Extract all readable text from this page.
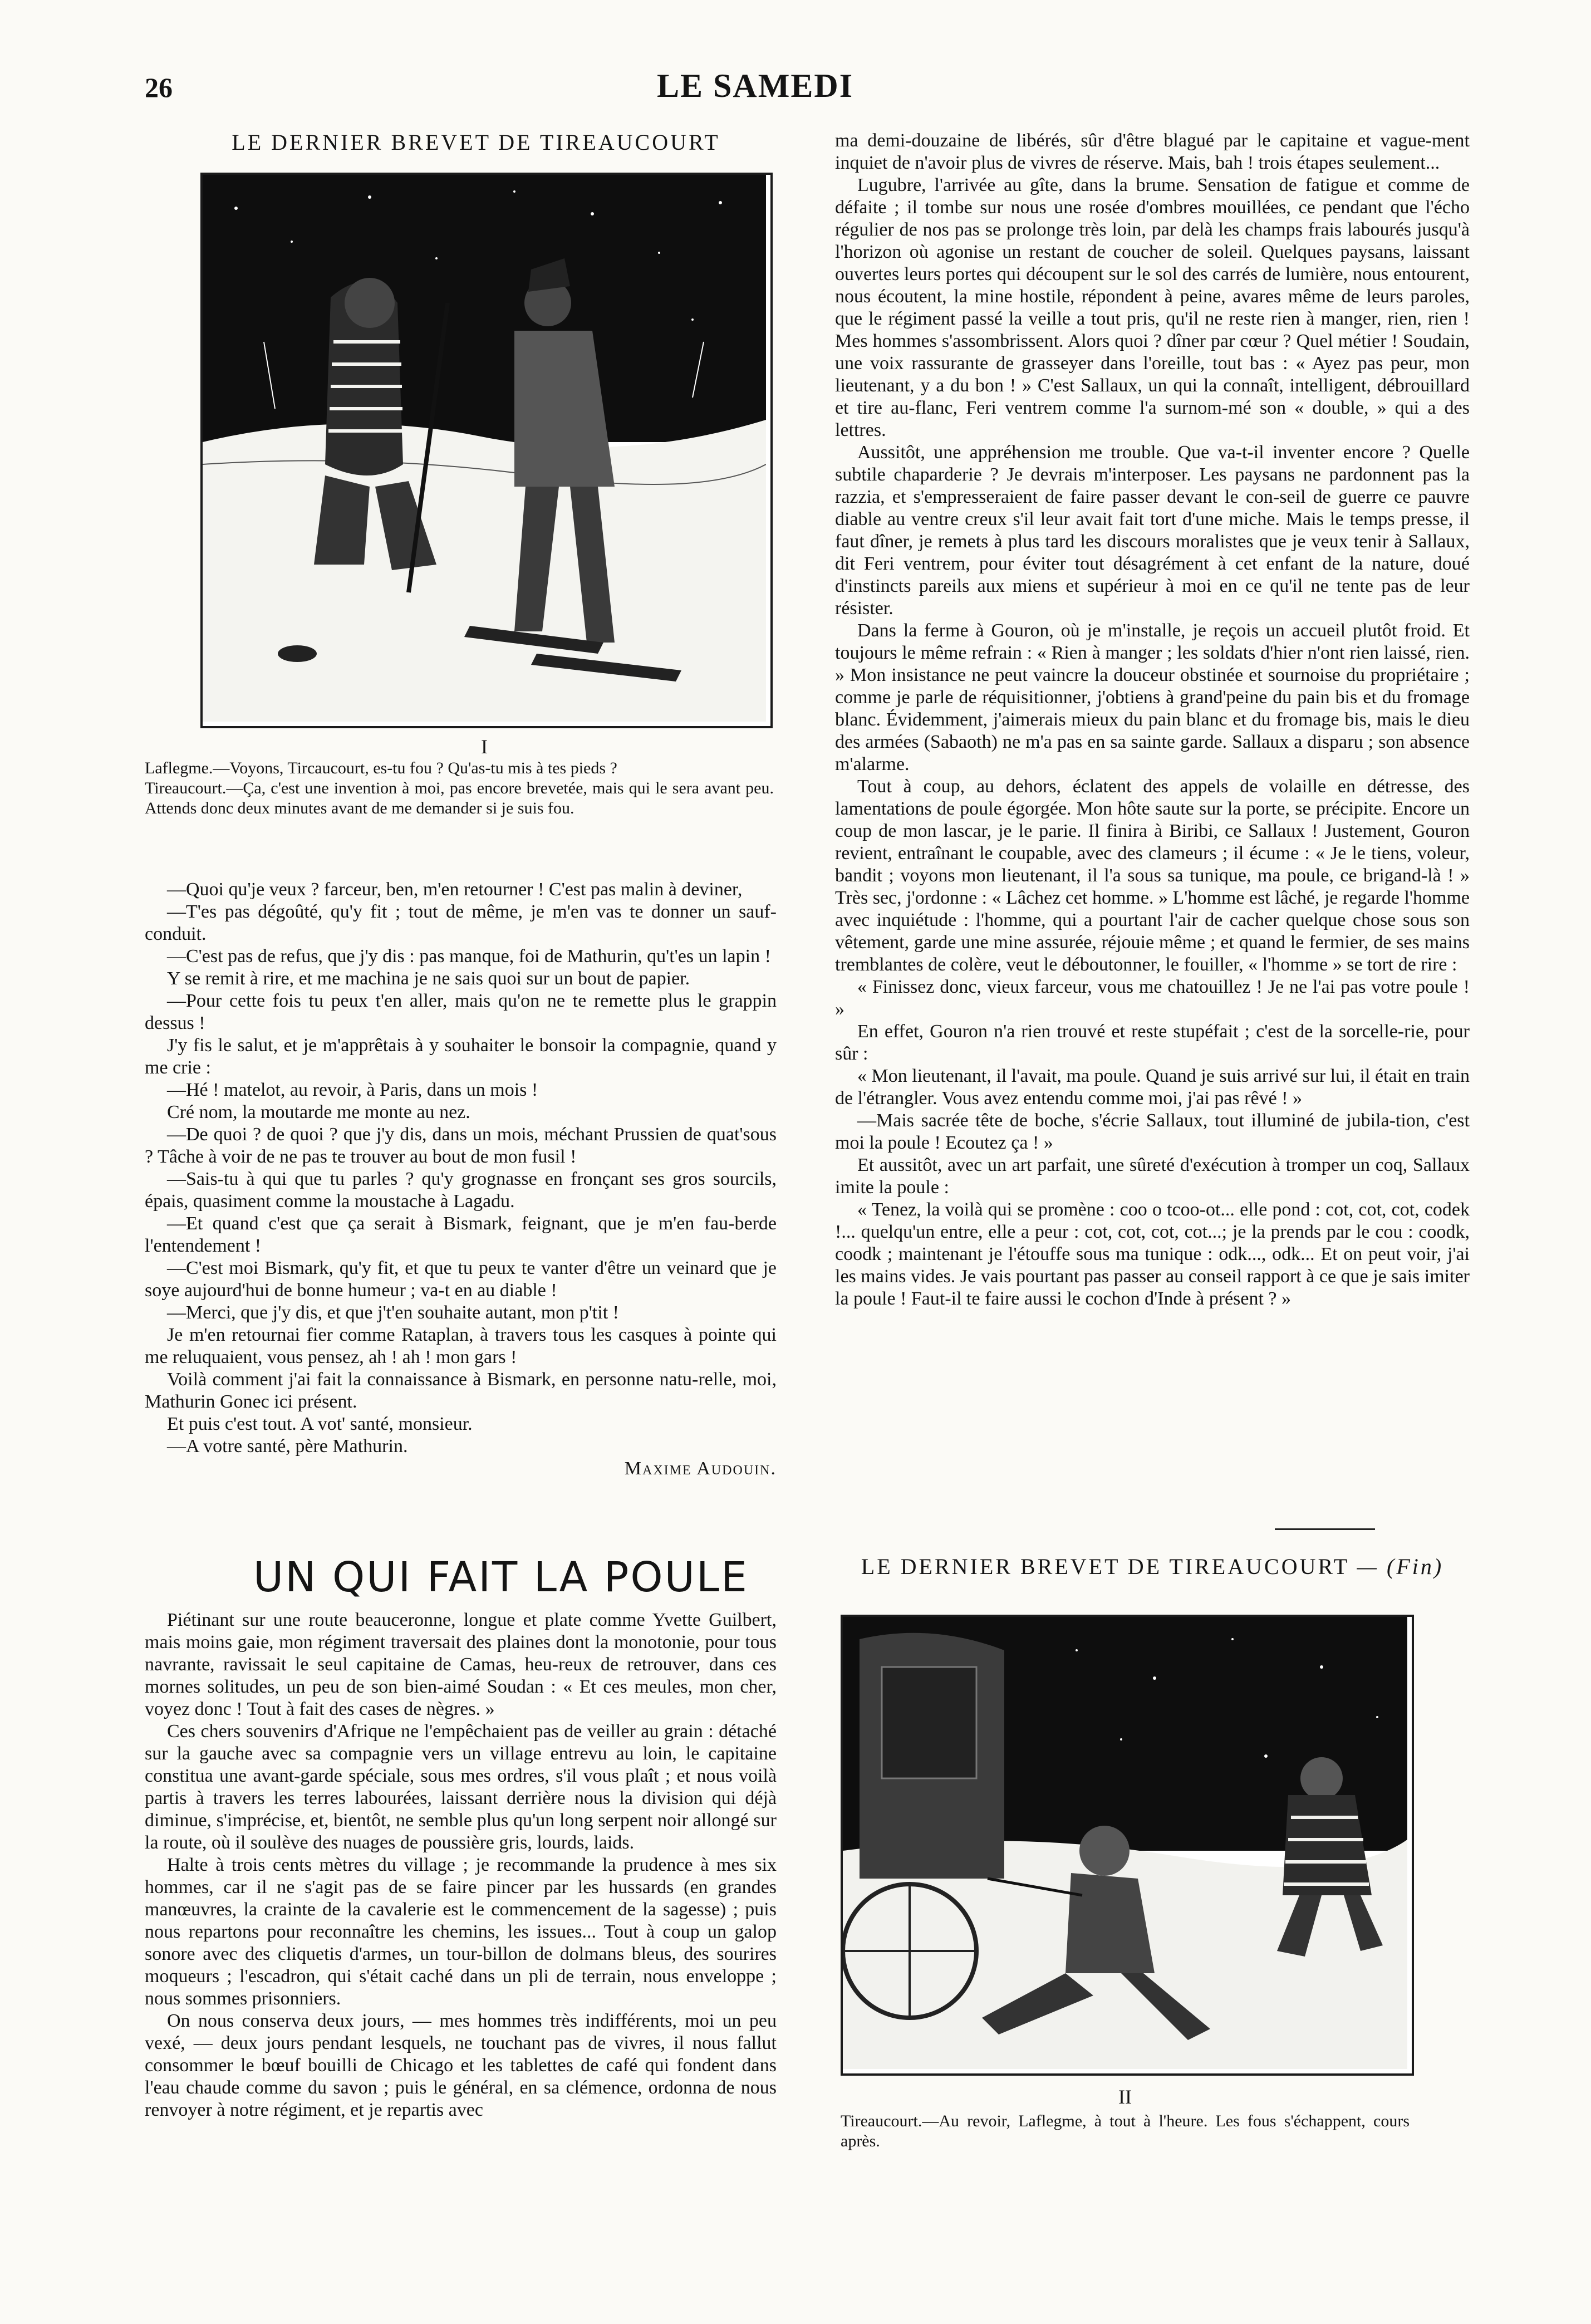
26	LE SAMEDI
LE DERNIER BREVET DE TIREAUCOURT
I
Laflegme.—Voyons, Tircaucourt, es-tu fou ? Qu'as-tu mis à tes pieds ?
Tireaucourt.—Ça, c'est une invention à moi, pas encore brevetée, mais qui le sera avant peu. Attends donc deux minutes avant de me demander si je suis fou.

—Quoi qu'je veux ? farceur, ben, m'en retourner ! C'est pas malin à deviner,

—T'es pas dégoûté, qu'y fit ; tout de même, je m'en vas te donner un sauf-conduit.

—C'est pas de refus, que j'y dis : pas manque, foi de Mathurin, qu't'es un lapin !

Y se remit à rire, et me machina je ne sais quoi sur un bout de papier.

—Pour cette fois tu peux t'en aller, mais qu'on ne te remette plus le grappin dessus !

J'y fis le salut, et je m'apprêtais à y souhaiter le bonsoir la compagnie, quand y me crie :

—Hé ! matelot, au revoir, à Paris, dans un mois !

Cré nom, la moutarde me monte au nez.

—De quoi ? de quoi ? que j'y dis, dans un mois, méchant Prussien de quat'sous ? Tâche à voir de ne pas te trouver au bout de mon fusil !

—Sais-tu à qui que tu parles ? qu'y grognasse en fronçant ses gros sourcils, épais, quasiment comme la moustache à Lagadu.

—Et quand c'est que ça serait à Bismark, feignant, que je m'en fau-berde l'entendement !

—C'est moi Bismark, qu'y fit, et que tu peux te vanter d'être un veinard que je soye aujourd'hui de bonne humeur ; va-t en au diable !

—Merci, que j'y dis, et que j't'en souhaite autant, mon p'tit !

Je m'en retournai fier comme Rataplan, à travers tous les casques à pointe qui me reluquaient, vous pensez, ah ! ah ! mon gars !

Voilà comment j'ai fait la connaissance à Bismark, en personne natu-relle, moi, Mathurin Gonec ici présent.

Et puis c'est tout. A vot' santé, monsieur.

—A votre santé, père Mathurin.

Maxime Audouin.
UN QUI FAIT LA POULE

Piétinant sur une route beauceronne, longue et plate comme Yvette Guilbert, mais moins gaie, mon régiment traversait des plaines dont la monotonie, pour tous navrante, ravissait le seul capitaine de Camas, heu-reux de retrouver, dans ces mornes solitudes, un peu de son bien-aimé Soudan : « Et ces meules, mon cher, voyez donc ! Tout à fait des cases de nègres. »

Ces chers souvenirs d'Afrique ne l'empêchaient pas de veiller au grain : détaché sur la gauche avec sa compagnie vers un village entrevu au loin, le capitaine constitua une avant-garde spéciale, sous mes ordres, s'il vous plaît ; et nous voilà partis à travers les terres labourées, laissant derrière nous la division qui déjà diminue, s'imprécise, et, bientôt, ne semble plus qu'un long serpent noir allongé sur la route, où il soulève des nuages de poussière gris, lourds, laids.

Halte à trois cents mètres du village ; je recommande la prudence à mes six hommes, car il ne s'agit pas de se faire pincer par les hussards (en grandes manœuvres, la crainte de la cavalerie est le commencement de la sagesse) ; puis nous repartons pour reconnaître les chemins, les issues... Tout à coup un galop sonore avec des cliquetis d'armes, un tour-billon de dolmans bleus, des sourires moqueurs ; l'escadron, qui s'était caché dans un pli de terrain, nous enveloppe ; nous sommes prisonniers.

On nous conserva deux jours, — mes hommes très indifférents, moi un peu vexé, — deux jours pendant lesquels, ne touchant pas de vivres, il nous fallut consommer le bœuf bouilli de Chicago et les tablettes de café qui fondent dans l'eau chaude comme du savon ; puis le général, en sa clémence, ordonna de nous renvoyer à notre régiment, et je repartis avec

ma demi-douzaine de libérés, sûr d'être blagué par le capitaine et vague-ment inquiet de n'avoir plus de vivres de réserve. Mais, bah ! trois étapes seulement...

Lugubre, l'arrivée au gîte, dans la brume. Sensation de fatigue et comme de défaite ; il tombe sur nous une rosée d'ombres mouillées, ce pendant que l'écho régulier de nos pas se prolonge très loin, par delà les champs frais labourés jusqu'à l'horizon où agonise un restant de coucher de soleil. Quelques paysans, laissant ouvertes leurs portes qui découpent sur le sol des carrés de lumière, nous entourent, nous écoutent, la mine hostile, répondent à peine, avares même de leurs paroles, que le régiment passé la veille a tout pris, qu'il ne reste rien à manger, rien, rien ! Mes hommes s'assombrissent. Alors quoi ? dîner par cœur ? Quel métier ! Soudain, une voix rassurante de grasseyer dans l'oreille, tout bas : « Ayez pas peur, mon lieutenant, y a du bon ! » C'est Sallaux, un qui la connaît, intelligent, débrouillard et tire au-flanc, Feri ventrem comme l'a surnom-mé son « double, » qui a des lettres.

Aussitôt, une appréhension me trouble. Que va-t-il inventer encore ? Quelle subtile chaparderie ? Je devrais m'interposer. Les paysans ne pardonnent pas la razzia, et s'empresseraient de faire passer devant le con-seil de guerre ce pauvre diable au ventre creux s'il leur avait fait tort d'une miche. Mais le temps presse, il faut dîner, je remets à plus tard les discours moralistes que je veux tenir à Sallaux, dit Feri ventrem, pour éviter tout désagrément à cet enfant de la nature, doué d'instincts pareils aux miens et supérieur à moi en ce qu'il ne tente pas de leur résister.

Dans la ferme à Gouron, où je m'installe, je reçois un accueil plutôt froid. Et toujours le même refrain : « Rien à manger ; les soldats d'hier n'ont rien laissé, rien. » Mon insistance ne peut vaincre la douceur obstinée et sournoise du propriétaire ; comme je parle de réquisitionner, j'obtiens à grand'peine du pain bis et du fromage blanc. Évidemment, j'aimerais mieux du pain blanc et du fromage bis, mais le dieu des armées (Sabaoth) ne m'a pas en sa sainte garde. Sallaux a disparu ; son absence m'alarme.

Tout à coup, au dehors, éclatent des appels de volaille en détresse, des lamentations de poule égorgée. Mon hôte saute sur la porte, se précipite. Encore un coup de mon lascar, je le parie. Il finira à Biribi, ce Sallaux ! Justement, Gouron revient, entraînant le coupable, avec des clameurs ; il écume : « Je le tiens, voleur, bandit ; voyons mon lieutenant, il l'a sous sa tunique, ma poule, ce brigand-là ! » Très sec, j'ordonne : « Lâchez cet homme. » L'homme est lâché, je regarde l'homme avec inquiétude : l'homme, qui a pourtant l'air de cacher quelque chose sous son vêtement, garde une mine assurée, réjouie même ; et quand le fermier, de ses mains tremblantes de colère, veut le déboutonner, le fouiller, « l'homme » se tort de rire :

« Finissez donc, vieux farceur, vous me chatouillez ! Je ne l'ai pas votre poule ! »

En effet, Gouron n'a rien trouvé et reste stupéfait ; c'est de la sorcelle-rie, pour sûr :

« Mon lieutenant, il l'avait, ma poule. Quand je suis arrivé sur lui, il était en train de l'étrangler. Vous avez entendu comme moi, j'ai pas rêvé ! »

—Mais sacrée tête de boche, s'écrie Sallaux, tout illuminé de jubila-tion, c'est moi la poule ! Ecoutez ça ! »

Et aussitôt, avec un art parfait, une sûreté d'exécution à tromper un coq, Sallaux imite la poule :

« Tenez, la voilà qui se promène : coo o tcoo-ot... elle pond : cot, cot, cot, codek !... quelqu'un entre, elle a peur : cot, cot, cot, cot...; je la prends par le cou : coodk, coodk ; maintenant je l'étouffe sous ma tunique : odk..., odk... Et on peut voir, j'ai les mains vides. Je vais pourtant pas passer au conseil rapport à ce que je sais imiter la poule ! Faut-il te faire aussi le cochon d'Inde à présent ? »

LE DERNIER BREVET DE TIREAUCOURT — (Fin)
II
Tireaucourt.—Au revoir, Laflegme, à tout à l'heure. Les fous s'échappent, cours après.
